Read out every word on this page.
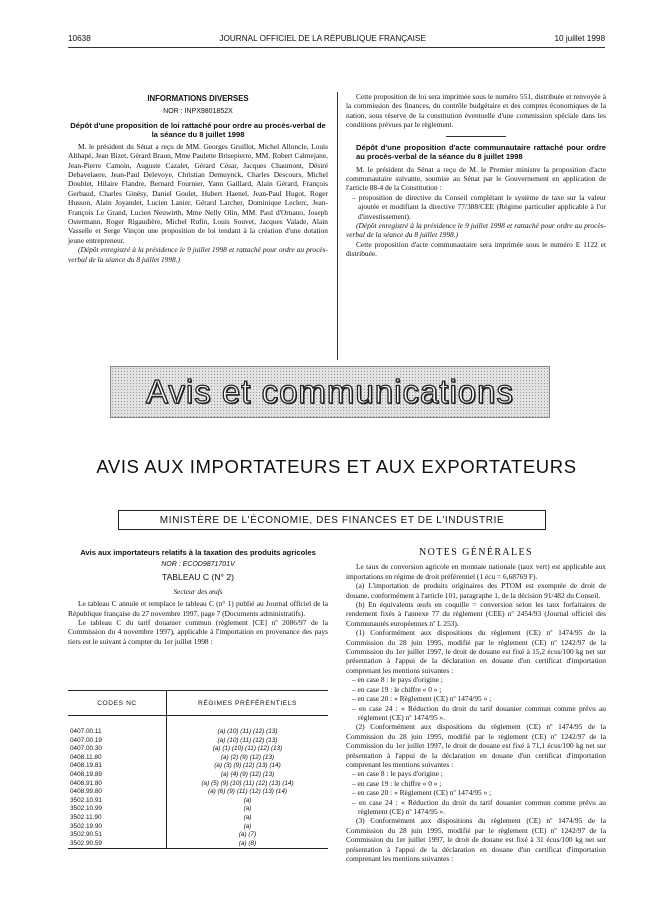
10638	JOURNAL OFFICIEL DE LA RÉPUBLIQUE FRANÇAISE	10 juillet 1998
INFORMATIONS DIVERSES
NOR : INPX9801852X
Dépôt d'une proposition de loi rattaché pour ordre au procès-verbal de la séance du 8 juillet 1998

M. le président du Sénat a reçu de MM. Georges Gruillot, Michel Alloncle, Louis Althapé, Jean Bizet, Gérard Braun, Mme Paulette Brisepierre, MM. Robert Calmejane, Jean-Pierre Camoin, Auguste Cazalet, Gérard César, Jacques Chaumont, Désiré Debavelaere, Jean-Paul Delevoye, Christian Demuynck, Charles Descours, Michel Doublet, Hilaire Flandre, Bernard Fournier, Yann Gaillard, Alain Gérard, François Gerbaud, Charles Ginésy, Daniel Goulet, Hubert Haenel, Jean-Paul Hugot, Roger Husson, Alain Joyandet, Lucien Lanier, Gérard Larcher, Dominique Leclerc, Jean-François Le Grand, Lucien Neuwirth, Mme Nelly Olin, MM. Paul d'Ornano, Joseph Ostermann, Roger Rigaudière, Michel Rufin, Louis Souvet, Jacques Valade, Alain Vasselle et Serge Vinçon une proposition de loi tendant à la création d'une dotation jeune entrepreneur.

(Dépôt enregistré à la présidence le 9 juillet 1998 et rattaché pour ordre au procès-verbal de la séance du 8 juillet 1998.)

Cette proposition de loi sera imprimée sous le numéro 551, distribuée et renvoyée à la commission des finances, du contrôle budgétaire et des comptes économiques de la nation, sous réserve de la constitution éventuelle d'une commission spéciale dans les conditions prévues par le règlement.

Dépôt d'une proposition d'acte communautaire rattaché pour ordre au procès-verbal de la séance du 8 juillet 1998

M. le président du Sénat a reçu de M. le Premier ministre la proposition d'acte communautaire suivante, soumise au Sénat par le Gouvernement en application de l'article 88-4 de la Constitution :

– proposition de directive du Conseil complétant le système de taxe sur la valeur ajoutée et modifiant la directive 77/388/CEE (Régime particulier applicable à l'or d'investissement).

(Dépôt enregistré à la présidence le 9 juillet 1998 et rattaché pour ordre au procès-verbal de la séance du 8 juillet 1998.)

Cette proposition d'acte communautaire sera imprimée sous le numéro E 1122 et distribuée.

Avis et communications
AVIS AUX IMPORTATEURS ET AUX EXPORTATEURS
MINISTÈRE DE L'ÉCONOMIE, DES FINANCES ET DE L'INDUSTRIE
Avis aux importateurs relatifs à la taxation des produits agricoles
NOR : ECOD9871701V
TABLEAU C (N° 2)
Secteur des œufs

Le tableau C annule et remplace le tableau C (n° 1) publié au Journal officiel de la République française du 27 novembre 1997, page 7 (Documents administratifs).

Le tableau C du tarif douanier commun (règlement [CE] nº 2086/97 de la Commission du 4 novembre 1997), applicable à l'importation en provenance des pays tiers est le suivant à compter du 1er juillet 1998 :

CODES NC	RÉGIMES PRÉFÉRENTIELS

0407.00.11	(a) (10) (11) (12) (13)
0407.00.19	(a) (10) (11) (12) (13)
0407.00.30	(a) (1) (10) (11) (12) (13)
0408.11.80	(a) (2) (9) (12) (13)
0408.19.81	(a) (3) (9) (12) (13) (14)
0408.19.89	(a) (4) (9) (12) (13)
0408.91.80	(a) (5) (9) (10) (11) (12) (13) (14)
0408.99.80	(a) (6) (9) (11) (12) (13) (14)
3502.10.91	(a)
3502.10.99	(a)
3502.11.90	(a)
3502.19.90	(a)
3502.90.51	(a) (7)
3502.90.59	(a) (8)
NOTES GÉNÉRALES

Le taux de conversion agricole en monnaie nationale (taux vert) est applicable aux importations en régime de droit préférentiel (1 écu = 6,68769 F).

(a) L'importation de produits originaires des PTOM est exemptée de droit de douane, conformément à l'article 101, paragraphe 1, de la décision 91/482 du Conseil.

(b) En équivalents œufs en coquille = conversion selon les taux forfaitaires de rendement fixés à l'annexe 77 du règlement (CEE) nº 2454/93 (Journal officiel des Communautés européennes nº L 253).

(1) Conformément aux dispositions du règlement (CE) nº 1474/95 de la Commission du 28 juin 1995, modifié par le règlement (CE) nº 1242/97 de la Commission du 1er juillet 1997, le droit de douane est fixé à 15,2 écus/100 kg net sur présentation à l'appui de la déclaration en douane d'un certificat d'importation comprenant les mentions suivantes :

– en case 8 : le pays d'origine ;
– en case 19 : le chiffre « 0 » ;
– en case 20 : « Règlement (CE) nº 1474/95 » ;
– en case 24 : « Réduction du droit du tarif douanier commun comme prévu au règlement (CE) nº 1474/95 ».

(2) Conformément aux dispositions du règlement (CE) nº 1474/95 de la Commission du 28 juin 1995, modifié par le règlement (CE) nº 1242/97 de la Commission du 1er juillet 1997, le droit de douane est fixé à 71,1 écus/100 kg net sur présentation à l'appui de la déclaration en douane d'un certificat d'importation comprenant les mentions suivantes :

– en case 8 : le pays d'origine ;
– en case 19 : le chiffre « 0 » ;
– en case 20 : « Règlement (CE) nº 1474/95 » ;
– en case 24 : « Réduction du droit du tarif douanier commun comme prévu au règlement (CE) nº 1474/95 ».

(3) Conformément aux dispositions du règlement (CE) nº 1474/95 de la Commission du 28 juin 1995, modifié par le règlement (CE) nº 1242/97 de la Commission du 1er juillet 1997, le droit de douane est fixé à 31 écus/100 kg net sur présentation à l'appui de la déclaration en douane d'un certificat d'importation comprenant les mentions suivantes :
